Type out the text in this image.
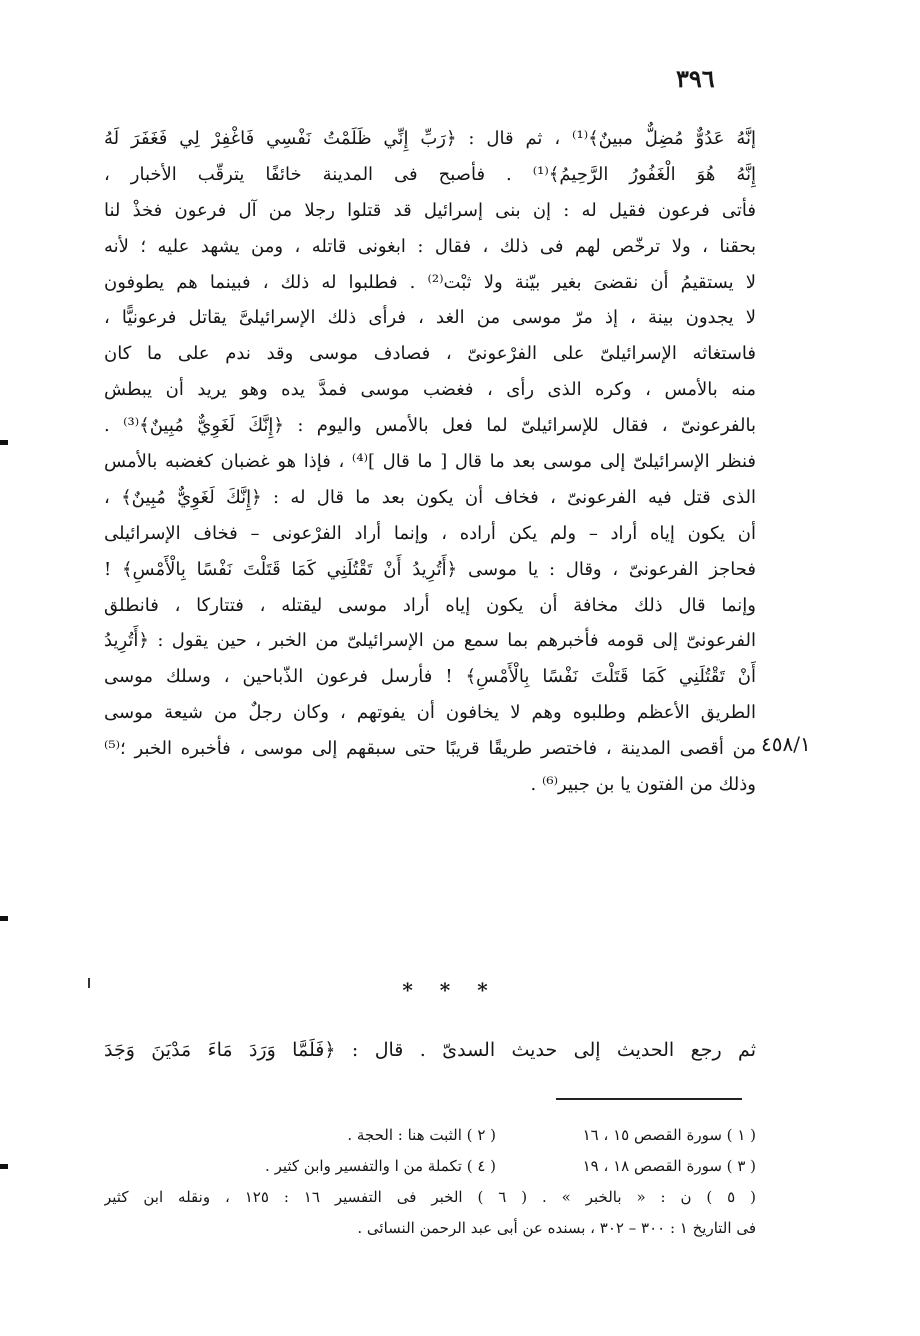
٣٩٦
٤٥٨/١
إنَّهُ عَدُوٌّ مُضِلٌّ مبينٌ﴾⁽¹⁾ ، ثم قال : ﴿رَبِّ إِنِّي ظَلَمْتُ نَفْسِي فَاغْفِرْ لِي فَغَفَرَ لَهُ
إِنَّهُ هُوَ الْغَفُورُ الرَّحِيمُ﴾⁽¹⁾ . فأصبح فى المدينة خائفًا يترقّب الأخبار ،
فأتى فرعون فقيل له : إن بنى إسرائيل قد قتلوا رجلا من آل فرعون فخذْ لنا
بحقنا ، ولا ترخّص لهم فى ذلك ، فقال : ابغونى قاتله ، ومن يشهد عليه ؛ لأنه
لا يستقيمُ أن نقضىَ بغير بيّنة ولا ثبْت⁽²⁾ . فطلبوا له ذلك ، فبينما هم يطوفون
لا يجدون بينة ، إذ مرّ موسى من الغد ، فرأى ذلك الإسرائيلىَّ يقاتل فرعونيًّا ،
فاستغاثه الإسرائيلىّ على الفرْعونىّ ، فصادف موسى وقد ندم على ما كان
منه بالأمس ، وكره الذى رأى ، فغضب موسى فمدَّ يده وهو يريد أن يبطش
بالفرعونىّ ، فقال للإسرائيلىّ لما فعل بالأمس واليوم : ﴿إِنَّكَ لَغَوِيٌّ مُبِينٌ﴾⁽³⁾ .
فنظر الإسرائيلىّ إلى موسى بعد ما قال [ ما قال ]⁽⁴⁾ ، فإذا هو غضبان كغضبه بالأمس
الذى قتل فيه الفرعونىّ ، فخاف أن يكون بعد ما قال له : ﴿إِنَّكَ لَغَوِيٌّ مُبِينٌ﴾ ،
أن يكون إياه أراد – ولم يكن أراده ، وإنما أراد الفرْعونى – فخاف الإسرائيلى
فحاجز الفرعونىّ ، وقال : يا موسى ﴿أَتُرِيدُ أَنْ تَقْتُلَنِي كَمَا قَتَلْتَ نَفْسًا بِالْأَمْسِ﴾ !
وإنما قال ذلك مخافة أن يكون إياه أراد موسى ليقتله ، فتتاركا ، فانطلق
الفرعونىّ إلى قومه فأخبرهم بما سمع من الإسرائيلىّ من الخبر ، حين يقول : ﴿أَتُرِيدُ
أَنْ تَقْتُلَنِي كَمَا قَتَلْتَ نَفْسًا بِالْأَمْسِ﴾ ! فأرسل فرعون الذّباحين ، وسلك موسى
الطريق الأعظم وطلبوه وهم لا يخافون أن يفوتهم ، وكان رجلٌ من شيعة موسى
من أقصى المدينة ، فاختصر طريقًا قريبًا حتى سبقهم إلى موسى ، فأخبره الخبر ؛⁽⁵⁾
وذلك من الفتون يا بن جبير⁽⁶⁾ .
* * *
ثم رجع الحديث إلى حديث السدىّ . قال : ﴿فَلَمَّا وَرَدَ مَاءَ مَدْيَنَ وَجَدَ
( ١ ) سورة القصص ١٥ ، ١٦( ٢ ) الثبت هنا : الحجة .
( ٣ ) سورة القصص ١٨ ، ١٩( ٤ ) تكملة من ا والتفسير وابن كثير .
( ٥ ) ن : « بالخبر » . ( ٦ ) الخبر فى التفسير ١٦ : ١٢٥ ، ونقله ابن كثير
فى التاريخ ١ : ٣٠٠ – ٣٠٢ ، بسنده عن أبى عبد الرحمن النسائى .
